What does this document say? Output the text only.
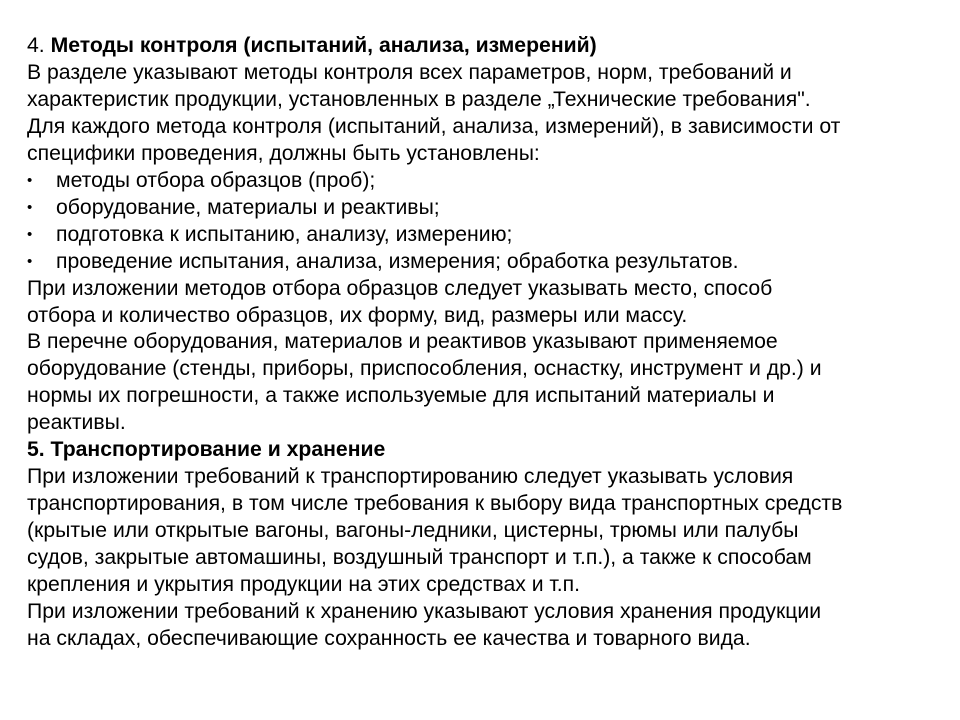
4. Методы контроля (испытаний, анализа, измерений)
В разделе указывают методы контроля всех параметров, норм, требований и
характеристик продукции, установленных в разделе „Технические требования".
Для каждого метода контроля (испытаний, анализа, измерений), в зависимости от
специфики проведения, должны быть установлены:
• методы отбора образцов (проб);
• оборудование, материалы и реактивы;
• подготовка к испытанию, анализу, измерению;
• проведение испытания, анализа, измерения; обработка результатов.
При изложении методов отбора образцов следует указывать место, способ
отбора и количество образцов, их форму, вид, размеры или массу.
В перечне оборудования, материалов и реактивов указывают применяемое
оборудование (стенды, приборы, приспособления, оснастку, инструмент и др.) и
нормы их погрешности, а также используемые для испытаний материалы и
реактивы.
5. Транспортирование и хранение
При изложении требований к транспортированию следует указывать условия
транспортирования, в том числе требования к выбору вида транспортных средств
(крытые или открытые вагоны, вагоны-ледники, цистерны, трюмы или палубы
судов, закрытые автомашины, воздушный транспорт и т.п.), а также к способам
крепления и укрытия продукции на этих средствах и т.п.
При изложении требований к хранению указывают условия хранения продукции
на складах, обеспечивающие сохранность ее качества и товарного вида.
